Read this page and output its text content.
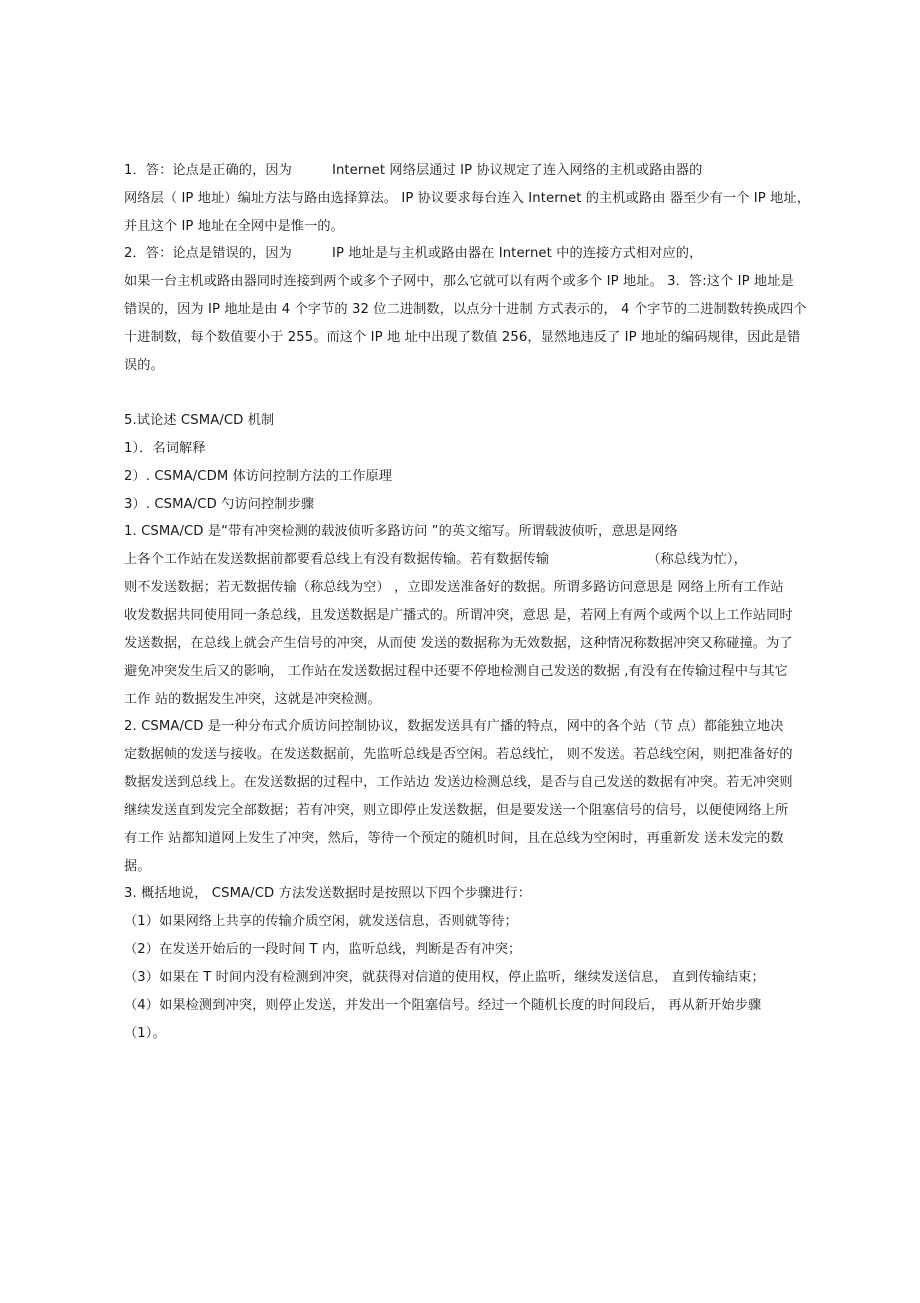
1．答：论点是正确的，因为	Internet 网络层通过 IP 协议规定了连入网络的主机或路由器的
网络层（ IP 地址）编址方法与路由选择算法。 IP 协议要求每台连入 Internet 的主机或路由 器至少有一个 IP 地址，
并且这个 IP 地址在全网中是惟一的。
2．答：论点是错误的，因为	IP 地址是与主机或路由器在 Internet 中的连接方式相对应的，
如果一台主机或路由器同时连接到两个或多个子网中，那么它就可以有两个或多个 IP 地址。 3．答:这个 IP 地址是
错误的，因为 IP 地址是由 4 个字节的 32 位二进制数，以点分十进制 方式表示的， 4 个字节的二进制数转换成四个
十进制数，每个数值要小于 255。而这个 IP 地 址中出现了数值 256，显然地违反了 IP 地址的编码规律，因此是错
误的。
5.试论述 CSMA/CD 机制
1）．名词解释
2）. CSMA/CDM 体访问控制方法的工作原理
3）. CSMA/CD 勺访问控制步骤
1. CSMA/CD 是“带有冲突检测的载波侦听多路访问 ”的英文缩写。所谓载波侦听，意思是网络
上各个工作站在发送数据前都要看总线上有没有数据传输。若有数据传输	（称总线为忙），
则不发送数据；若无数据传输（称总线为空） ，立即发送准备好的数据。所谓多路访问意思是 网络上所有工作站
收发数据共同使用同一条总线，且发送数据是广播式的。所谓冲突，意思 是，若网上有两个或两个以上工作站同时
发送数据，在总线上就会产生信号的冲突，从而使 发送的数据称为无效数据，这种情况称数据冲突又称碰撞。为了
避免冲突发生后又的影响， 工作站在发送数据过程中还要不停地检测自己发送的数据 ,有没有在传输过程中与其它
工作 站的数据发生冲突，这就是冲突检测。
2. CSMA/CD 是一种分布式介质访问控制协议，数据发送具有广播的特点，网中的各个站（节 点）都能独立地决
定数据帧的发送与接收。在发送数据前，先监听总线是否空闲。若总线忙， 则不发送。若总线空闲，则把准备好的
数据发送到总线上。在发送数据的过程中，工作站边 发送边检测总线，是否与自己发送的数据有冲突。若无冲突则
继续发送直到发完全部数据；若有冲突，则立即停止发送数据，但是要发送一个阻塞信号的信号，以便使网络上所
有工作 站都知道网上发生了冲突，然后，等待一个预定的随机时间，且在总线为空闲时，再重新发 送未发完的数
据。
3. 概括地说， CSMA/CD 方法发送数据时是按照以下四个步骤进行：
（1）如果网络上共享的传输介质空闲，就发送信息，否则就等待；
（2）在发送开始后的一段时间 T 内，监听总线，判断是否有冲突；
（3）如果在 T 时间内没有检测到冲突，就获得对信道的使用权，停止监听，继续发送信息， 直到传输结束；
（4）如果检测到冲突，则停止发送，并发出一个阻塞信号。经过一个随机长度的时间段后， 再从新开始步骤
（1）。
